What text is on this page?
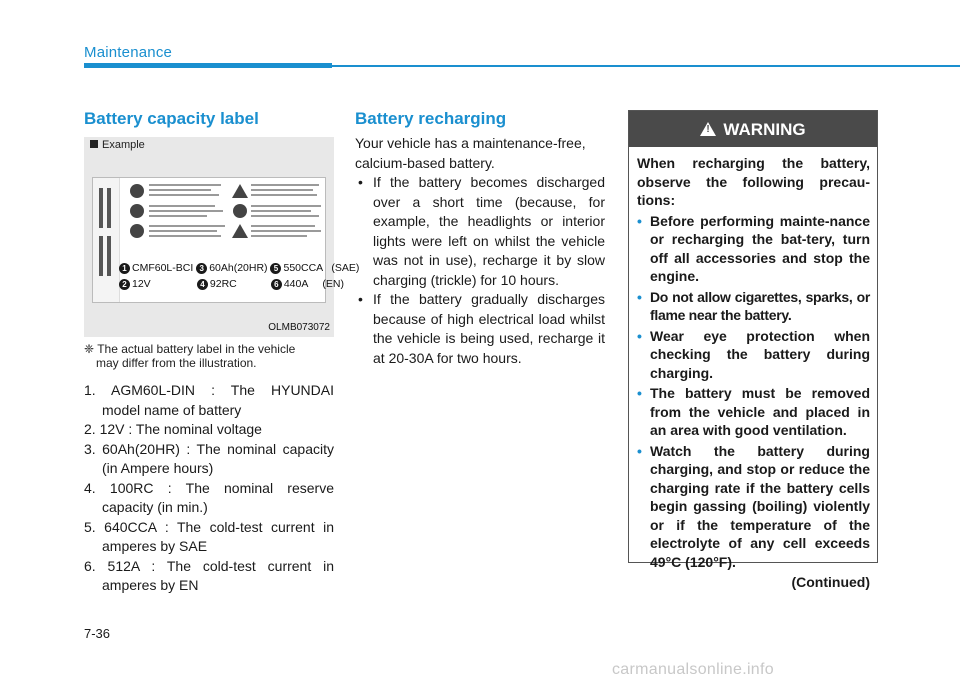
Maintenance
Battery capacity label
Example
1 CMF60L-BCI 3 60Ah(20HR) 5 550CCA   (SAE)
2 12V	4 92RC	6 440A     (EN)
OLMB073072
❈ The actual battery label in the vehicle
may differ from the illustration.
1. AGM60L-DIN : The HYUNDAI
model name of battery
2. 12V : The nominal voltage
3. 60Ah(20HR) : The nominal capacity
(in Ampere hours)
4. 100RC : The nominal reserve
capacity (in min.)
5. 640CCA : The cold-test current in
amperes by SAE
6. 512A : The cold-test current in
amperes by EN
Battery recharging
Your vehicle has a maintenance-free, calcium-based battery.
• If the battery becomes discharged over a short time (because, for example, the headlights or interior lights were left on whilst the vehicle was not in use), recharge it by slow charging (trickle) for 10 hours.
• If the battery gradually discharges because of high electrical load whilst the vehicle is being used, recharge it at 20-30A for two hours.
! WARNING
When recharging the battery, observe the following precau-tions:
• Before performing mainte-nance or recharging the bat-tery, turn off all accessories and stop the engine.
• Do not allow cigarettes, sparks, or flame near the battery.
• Wear eye protection when checking the battery during charging.
• The battery must be removed from the vehicle and placed in an area with good ventilation.
• Watch the battery during charging, and stop or reduce the charging rate if the battery cells begin gassing (boiling) violently or if the temperature of the electrolyte of any cell exceeds 49°C (120°F).
(Continued)
7-36
carmanualsonline.info
